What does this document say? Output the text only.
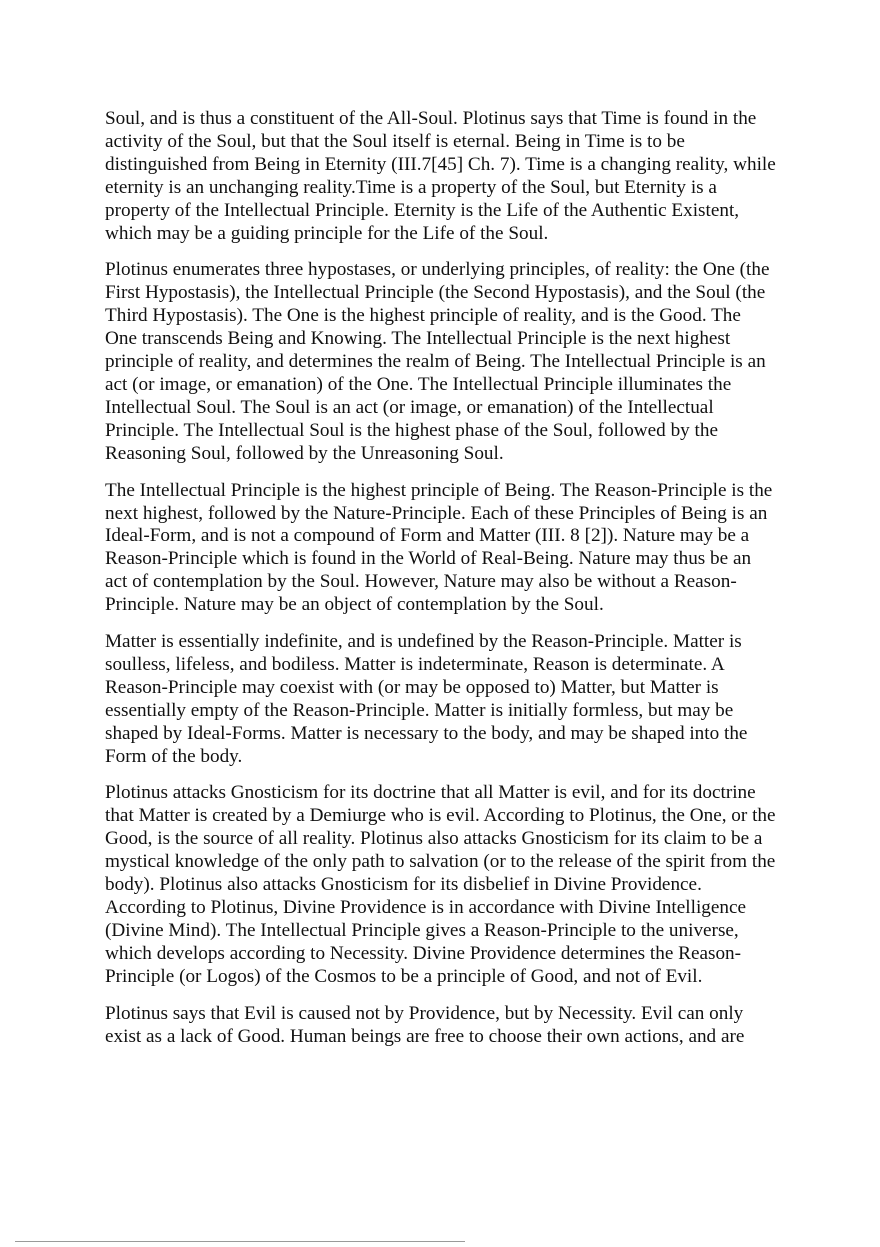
Soul, and is thus a constituent of the All-Soul. Plotinus says that Time is found in the activity of the Soul, but that the Soul itself is eternal. Being in Time is to be distinguished from Being in Eternity (III.7[45] Ch. 7). Time is a changing reality, while eternity is an unchanging reality.Time is a property of the Soul, but Eternity is a property of the Intellectual Principle. Eternity is the Life of the Authentic Existent, which may be a guiding principle for the Life of the Soul.

Plotinus enumerates three hypostases, or underlying principles, of reality: the One (the First Hypostasis), the Intellectual Principle (the Second Hypostasis), and the Soul (the Third Hypostasis). The One is the highest principle of reality, and is the Good. The One transcends Being and Knowing. The Intellectual Principle is the next highest principle of reality, and determines the realm of Being. The Intellectual Principle is an act (or image, or emanation) of the One. The Intellectual Principle illuminates the Intellectual Soul. The Soul is an act (or image, or emanation) of the Intellectual Principle. The Intellectual Soul is the highest phase of the Soul, followed by the Reasoning Soul, followed by the Unreasoning Soul.

The Intellectual Principle is the highest principle of Being. The Reason-Principle is the next highest, followed by the Nature-Principle. Each of these Principles of Being is an Ideal-Form, and is not a compound of Form and Matter (III. 8 [2]). Nature may be a Reason-Principle which is found in the World of Real-Being. Nature may thus be an act of contemplation by the Soul. However, Nature may also be without a Reason-Principle. Nature may be an object of contemplation by the Soul.

Matter is essentially indefinite, and is undefined by the Reason-Principle. Matter is soulless, lifeless, and bodiless. Matter is indeterminate, Reason is determinate. A Reason-Principle may coexist with (or may be opposed to) Matter, but Matter is essentially empty of the Reason-Principle. Matter is initially formless, but may be shaped by Ideal-Forms. Matter is necessary to the body, and may be shaped into the Form of the body.

Plotinus attacks Gnosticism for its doctrine that all Matter is evil, and for its doctrine that Matter is created by a Demiurge who is evil. According to Plotinus, the One, or the Good, is the source of all reality. Plotinus also attacks Gnosticism for its claim to be a mystical knowledge of the only path to salvation (or to the release of the spirit from the body). Plotinus also attacks Gnosticism for its disbelief in Divine Providence. According to Plotinus, Divine Providence is in accordance with Divine Intelligence (Divine Mind). The Intellectual Principle gives a Reason-Principle to the universe, which develops according to Necessity. Divine Providence determines the Reason-Principle (or Logos) of the Cosmos to be a principle of Good, and not of Evil.

Plotinus says that Evil is caused not by Providence, but by Necessity. Evil can only exist as a lack of Good. Human beings are free to choose their own actions, and are
